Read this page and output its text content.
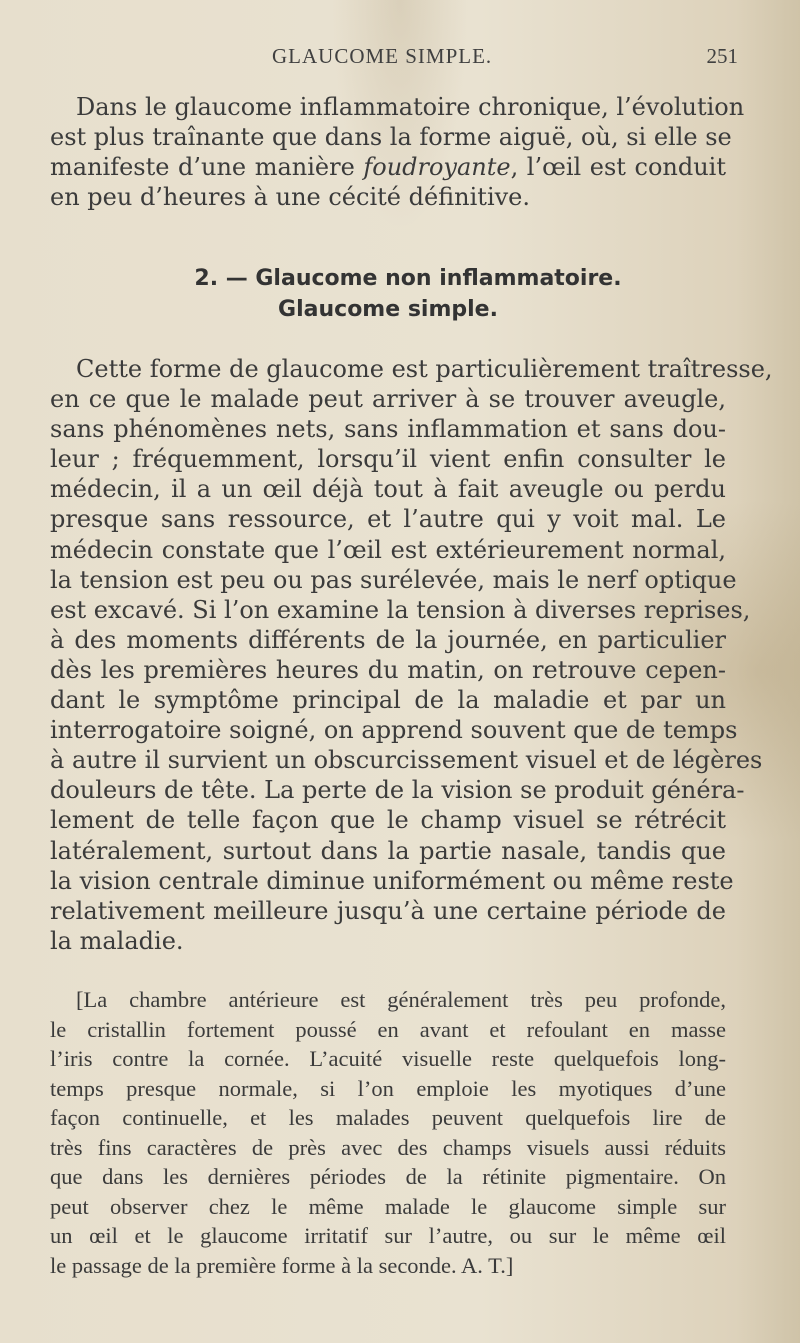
GLAUCOME SIMPLE.	251

Dans le glaucome inflammatoire chronique, l’évolution
est plus traînante que dans la forme aiguë, où, si elle se
manifeste d’une manière foudroyante, l’œil est conduit
en peu d’heures à une cécité définitive.

2. — Glaucome non inflammatoire.
Glaucome simple.

Cette forme de glaucome est particulièrement traîtresse,
en ce que le malade peut arriver à se trouver aveugle,
sans phénomènes nets, sans inflammation et sans dou-
leur ; fréquemment, lorsqu’il vient enfin consulter le
médecin, il a un œil déjà tout à fait aveugle ou perdu
presque sans ressource, et l’autre qui y voit mal. Le
médecin constate que l’œil est extérieurement normal,
la tension est peu ou pas surélevée, mais le nerf optique
est excavé. Si l’on examine la tension à diverses reprises,
à des moments différents de la journée, en particulier
dès les premières heures du matin, on retrouve cepen-
dant le symptôme principal de la maladie et par un
interrogatoire soigné, on apprend souvent que de temps
à autre il survient un obscurcissement visuel et de légères
douleurs de tête. La perte de la vision se produit généra-
lement de telle façon que le champ visuel se rétrécit
latéralement, surtout dans la partie nasale, tandis que
la vision centrale diminue uniformément ou même reste
relativement meilleure jusqu’à une certaine période de
la maladie.

[La chambre antérieure est généralement très peu profonde,
le cristallin fortement poussé en avant et refoulant en masse
l’iris contre la cornée. L’acuité visuelle reste quelquefois long-
temps presque normale, si l’on emploie les myotiques d’une
façon continuelle, et les malades peuvent quelquefois lire de
très fins caractères de près avec des champs visuels aussi réduits
que dans les dernières périodes de la rétinite pigmentaire. On
peut observer chez le même malade le glaucome simple sur
un œil et le glaucome irritatif sur l’autre, ou sur le même œil
le passage de la première forme à la seconde. A. T.]
